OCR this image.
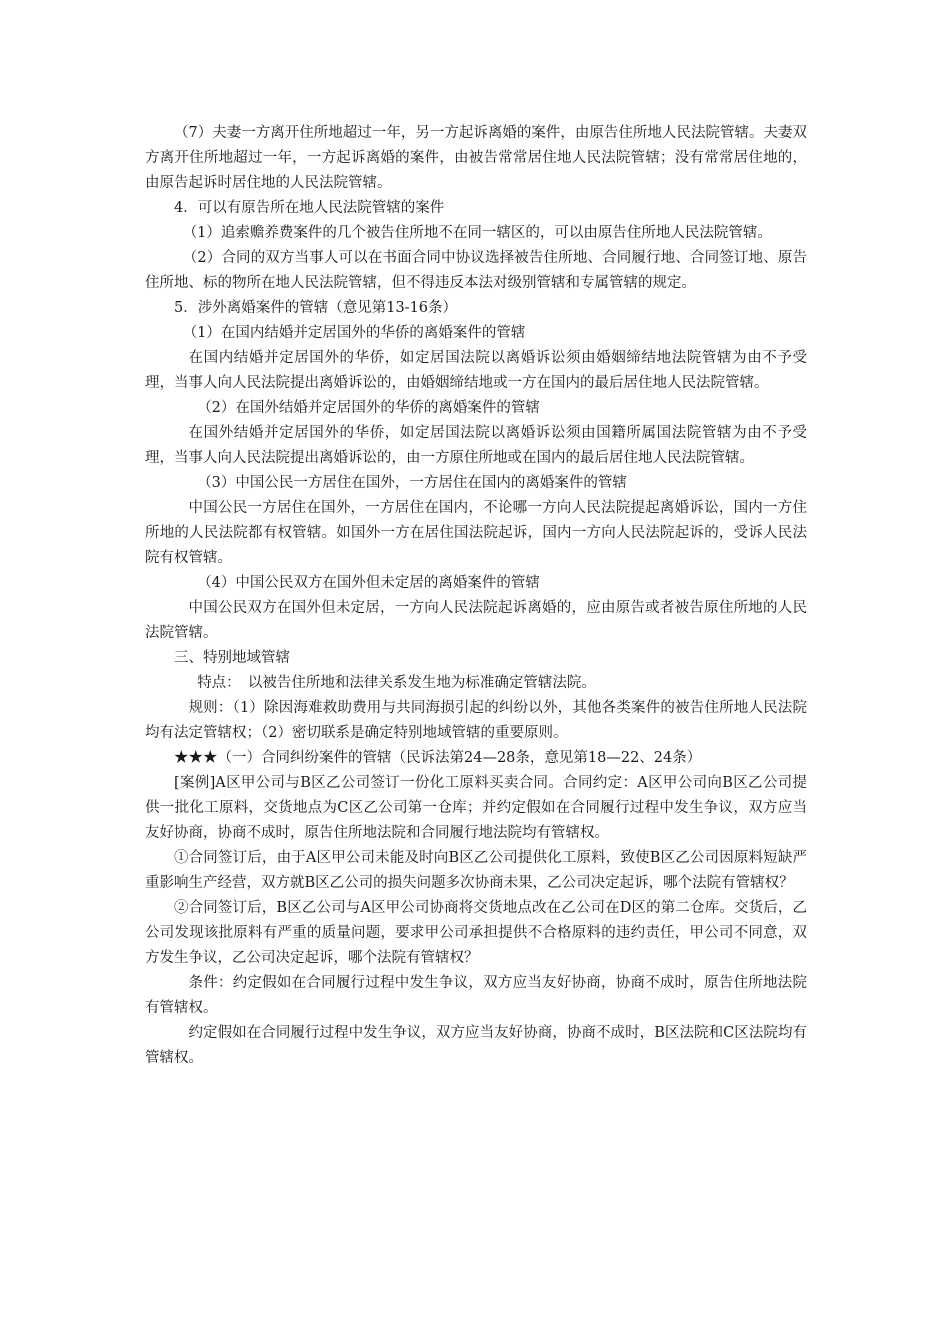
（7）夫妻一方离开住所地超过一年，另一方起诉离婚的案件，由原告住所地人民法院管辖。夫妻双方离开住所地超过一年，一方起诉离婚的案件，由被告常常居住地人民法院管辖；没有常常居住地的，由原告起诉时居住地的人民法院管辖。

4．可以有原告所在地人民法院管辖的案件

（1）追索赡养费案件的几个被告住所地不在同一辖区的，可以由原告住所地人民法院管辖。

（2）合同的双方当事人可以在书面合同中协议选择被告住所地、合同履行地、合同签订地、原告住所地、标的物所在地人民法院管辖，但不得违反本法对级别管辖和专属管辖的规定。

5．涉外离婚案件的管辖（意见第13-16条）

（1）在国内结婚并定居国外的华侨的离婚案件的管辖

在国内结婚并定居国外的华侨，如定居国法院以离婚诉讼须由婚姻缔结地法院管辖为由不予受理，当事人向人民法院提出离婚诉讼的，由婚姻缔结地或一方在国内的最后居住地人民法院管辖。

（2）在国外结婚并定居国外的华侨的离婚案件的管辖

在国外结婚并定居国外的华侨，如定居国法院以离婚诉讼须由国籍所属国法院管辖为由不予受理，当事人向人民法院提出离婚诉讼的，由一方原住所地或在国内的最后居住地人民法院管辖。

（3）中国公民一方居住在国外，一方居住在国内的离婚案件的管辖

中国公民一方居住在国外，一方居住在国内，不论哪一方向人民法院提起离婚诉讼，国内一方住所地的人民法院都有权管辖。如国外一方在居住国法院起诉，国内一方向人民法院起诉的，受诉人民法院有权管辖。

（4）中国公民双方在国外但未定居的离婚案件的管辖

中国公民双方在国外但未定居，一方向人民法院起诉离婚的，应由原告或者被告原住所地的人民法院管辖。

三、特别地域管辖

特点：　以被告住所地和法律关系发生地为标准确定管辖法院。

规则：（1）除因海难救助费用与共同海损引起的纠纷以外，其他各类案件的被告住所地人民法院均有法定管辖权；（2）密切联系是确定特别地域管辖的重要原则。

★★★（一）合同纠纷案件的管辖（民诉法第24—28条，意见第18—22、24条）

[案例]A区甲公司与B区乙公司签订一份化工原料买卖合同。合同约定：A区甲公司向B区乙公司提供一批化工原料，交货地点为C区乙公司第一仓库；并约定假如在合同履行过程中发生争议，双方应当友好协商，协商不成时，原告住所地法院和合同履行地法院均有管辖权。

①合同签订后，由于A区甲公司未能及时向B区乙公司提供化工原料，致使B区乙公司因原料短缺严重影响生产经营，双方就B区乙公司的损失问题多次协商未果，乙公司决定起诉，哪个法院有管辖权？

②合同签订后，B区乙公司与A区甲公司协商将交货地点改在乙公司在D区的第二仓库。交货后，乙公司发现该批原料有严重的质量问题，要求甲公司承担提供不合格原料的违约责任，甲公司不同意，双方发生争议，乙公司决定起诉，哪个法院有管辖权？

条件：约定假如在合同履行过程中发生争议，双方应当友好协商，协商不成时，原告住所地法院有管辖权。

约定假如在合同履行过程中发生争议，双方应当友好协商，协商不成时，B区法院和C区法院均有管辖权。
